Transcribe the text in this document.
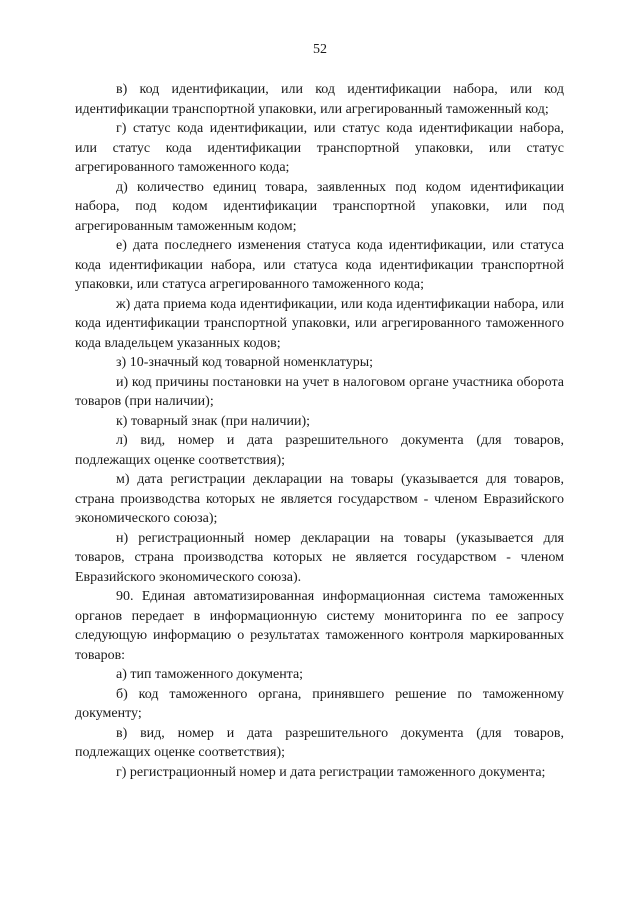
52

в) код идентификации, или код идентификации набора, или код идентификации транспортной упаковки, или агрегированный таможенный код;

г) статус кода идентификации, или статус кода идентификации набора, или статус кода идентификации транспортной упаковки, или статус агрегированного таможенного кода;

д) количество единиц товара, заявленных под кодом идентификации набора, под кодом идентификации транспортной упаковки, или под агрегированным таможенным кодом;

е) дата последнего изменения статуса кода идентификации, или статуса кода идентификации набора, или статуса кода идентификации транспортной упаковки, или статуса агрегированного таможенного кода;

ж) дата приема кода идентификации, или кода идентификации набора, или кода идентификации транспортной упаковки, или агрегированного таможенного кода владельцем указанных кодов;

з) 10-значный код товарной номенклатуры;

и) код причины постановки на учет в налоговом органе участника оборота товаров (при наличии);

к) товарный знак (при наличии);

л) вид, номер и дата разрешительного документа (для товаров, подлежащих оценке соответствия);

м) дата регистрации декларации на товары (указывается для товаров, страна производства которых не является государством - членом Евразийского экономического союза);

н) регистрационный номер декларации на товары (указывается для товаров, страна производства которых не является государством - членом Евразийского экономического союза).

90. Единая автоматизированная информационная система таможенных органов передает в информационную систему мониторинга по ее запросу следующую информацию о результатах таможенного контроля маркированных товаров:

а) тип таможенного документа;

б) код таможенного органа, принявшего решение по таможенному документу;

в) вид, номер и дата разрешительного документа (для товаров, подлежащих оценке соответствия);

г) регистрационный номер и дата регистрации таможенного документа;
